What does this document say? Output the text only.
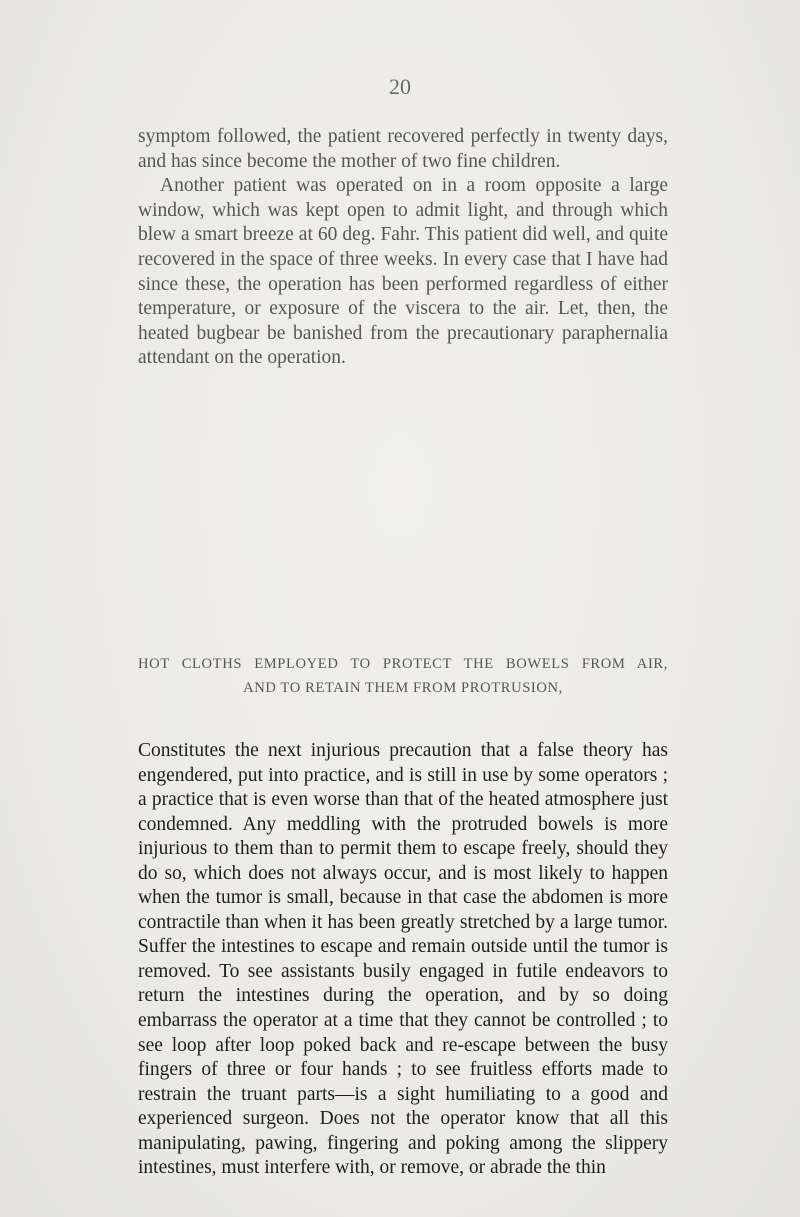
20

symptom followed, the patient recovered perfectly in twenty days, and has since become the mother of two fine children.

Another patient was operated on in a room opposite a large window, which was kept open to admit light, and through which blew a smart breeze at 60 deg. Fahr. This patient did well, and quite recovered in the space of three weeks. In every case that I have had since these, the operation has been performed regardless of either temperature, or exposure of the viscera to the air. Let, then, the heated bugbear be banished from the precautionary paraphernalia attendant on the operation.

HOT CLOTHS EMPLOYED TO PROTECT THE BOWELS FROM AIR,
AND TO RETAIN THEM FROM PROTRUSION,

Constitutes the next injurious precaution that a false theory has engendered, put into practice, and is still in use by some operators ; a practice that is even worse than that of the heated atmosphere just condemned. Any meddling with the protruded bowels is more injurious to them than to permit them to escape freely, should they do so, which does not always occur, and is most likely to happen when the tumor is small, because in that case the abdomen is more contractile than when it has been greatly stretched by a large tumor. Suffer the intestines to escape and remain outside until the tumor is removed. To see assistants busily engaged in futile endeavors to return the intestines during the operation, and by so doing embarrass the operator at a time that they cannot be controlled ; to see loop after loop poked back and re-escape between the busy fingers of three or four hands ; to see fruitless efforts made to restrain the truant parts—is a sight humiliating to a good and experienced surgeon. Does not the operator know that all this manipulating, pawing, fingering and poking among the slippery intestines, must interfere with, or remove, or abrade the thin
